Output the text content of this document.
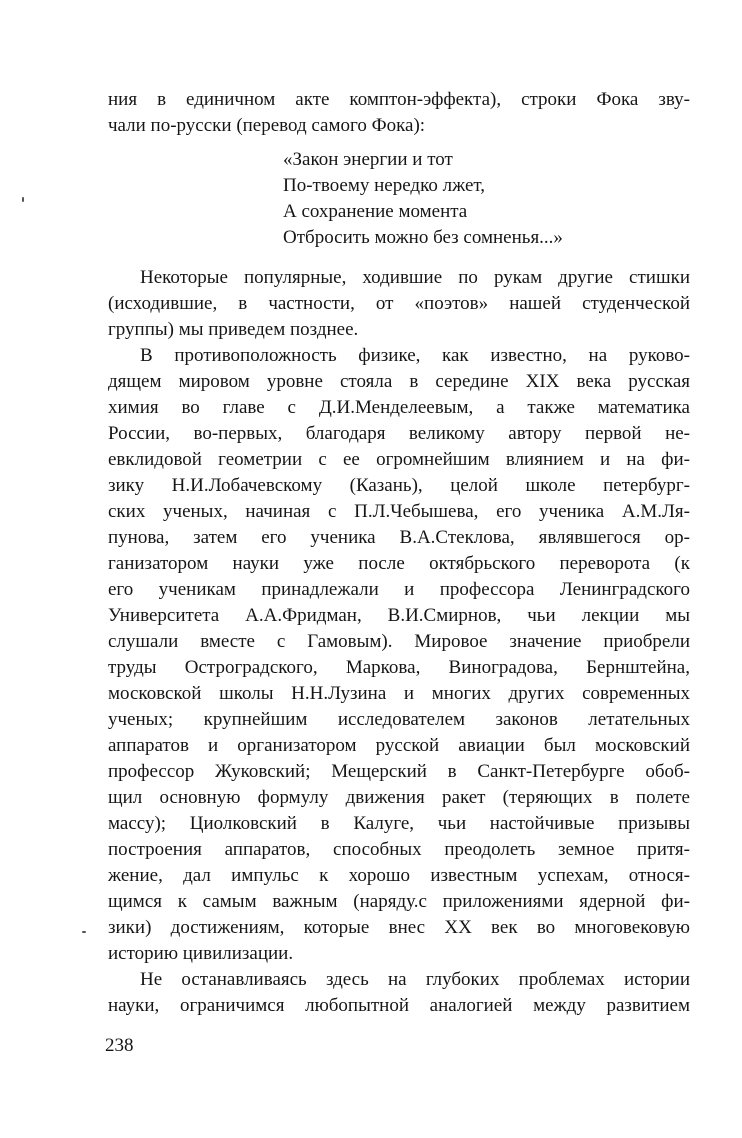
ния в единичном акте комптон-эффекта), строки Фока зву-
чали по-русски (перевод самого Фока):
«Закон энергии и тот
По-твоему нередко лжет,
А сохранение момента
Отбросить можно без сомненья...»
Некоторые популярные, ходившие по рукам другие стишки
(исходившие, в частности, от «поэтов» нашей студенческой
группы) мы приведем позднее.
В противоположность физике, как известно, на руково-
дящем мировом уровне стояла в середине XIX века русская
химия во главе с Д.И.Менделеевым, а также математика
России, во-первых, благодаря великому автору первой не-
евклидовой геометрии с ее огромнейшим влиянием и на фи-
зику Н.И.Лобачевскому (Казань), целой школе петербург-
ских ученых, начиная с П.Л.Чебышева, его ученика А.М.Ля-
пунова, затем его ученика В.А.Стеклова, являвшегося ор-
ганизатором науки уже после октябрьского переворота (к
его ученикам принадлежали и профессора Ленинградского
Университета А.А.Фридман, В.И.Смирнов, чьи лекции мы
слушали вместе с Гамовым). Мировое значение приобрели
труды Остроградского, Маркова, Виноградова, Бернштейна,
московской школы Н.Н.Лузина и многих других современных
ученых; крупнейшим исследователем законов летательных
аппаратов и организатором русской авиации был московский
профессор Жуковский; Мещерский в Санкт-Петербурге обоб-
щил основную формулу движения ракет (теряющих в полете
массу); Циолковский в Калуге, чьи настойчивые призывы
построения аппаратов, способных преодолеть земное притя-
жение, дал импульс к хорошо известным успехам, относя-
щимся к самым важным (наряду.с приложениями ядерной фи-
зики) достижениям, которые внес XX век во многовековую
историю цивилизации.
Не останавливаясь здесь на глубоких проблемах истории
науки, ограничимся любопытной аналогией между развитием
238
